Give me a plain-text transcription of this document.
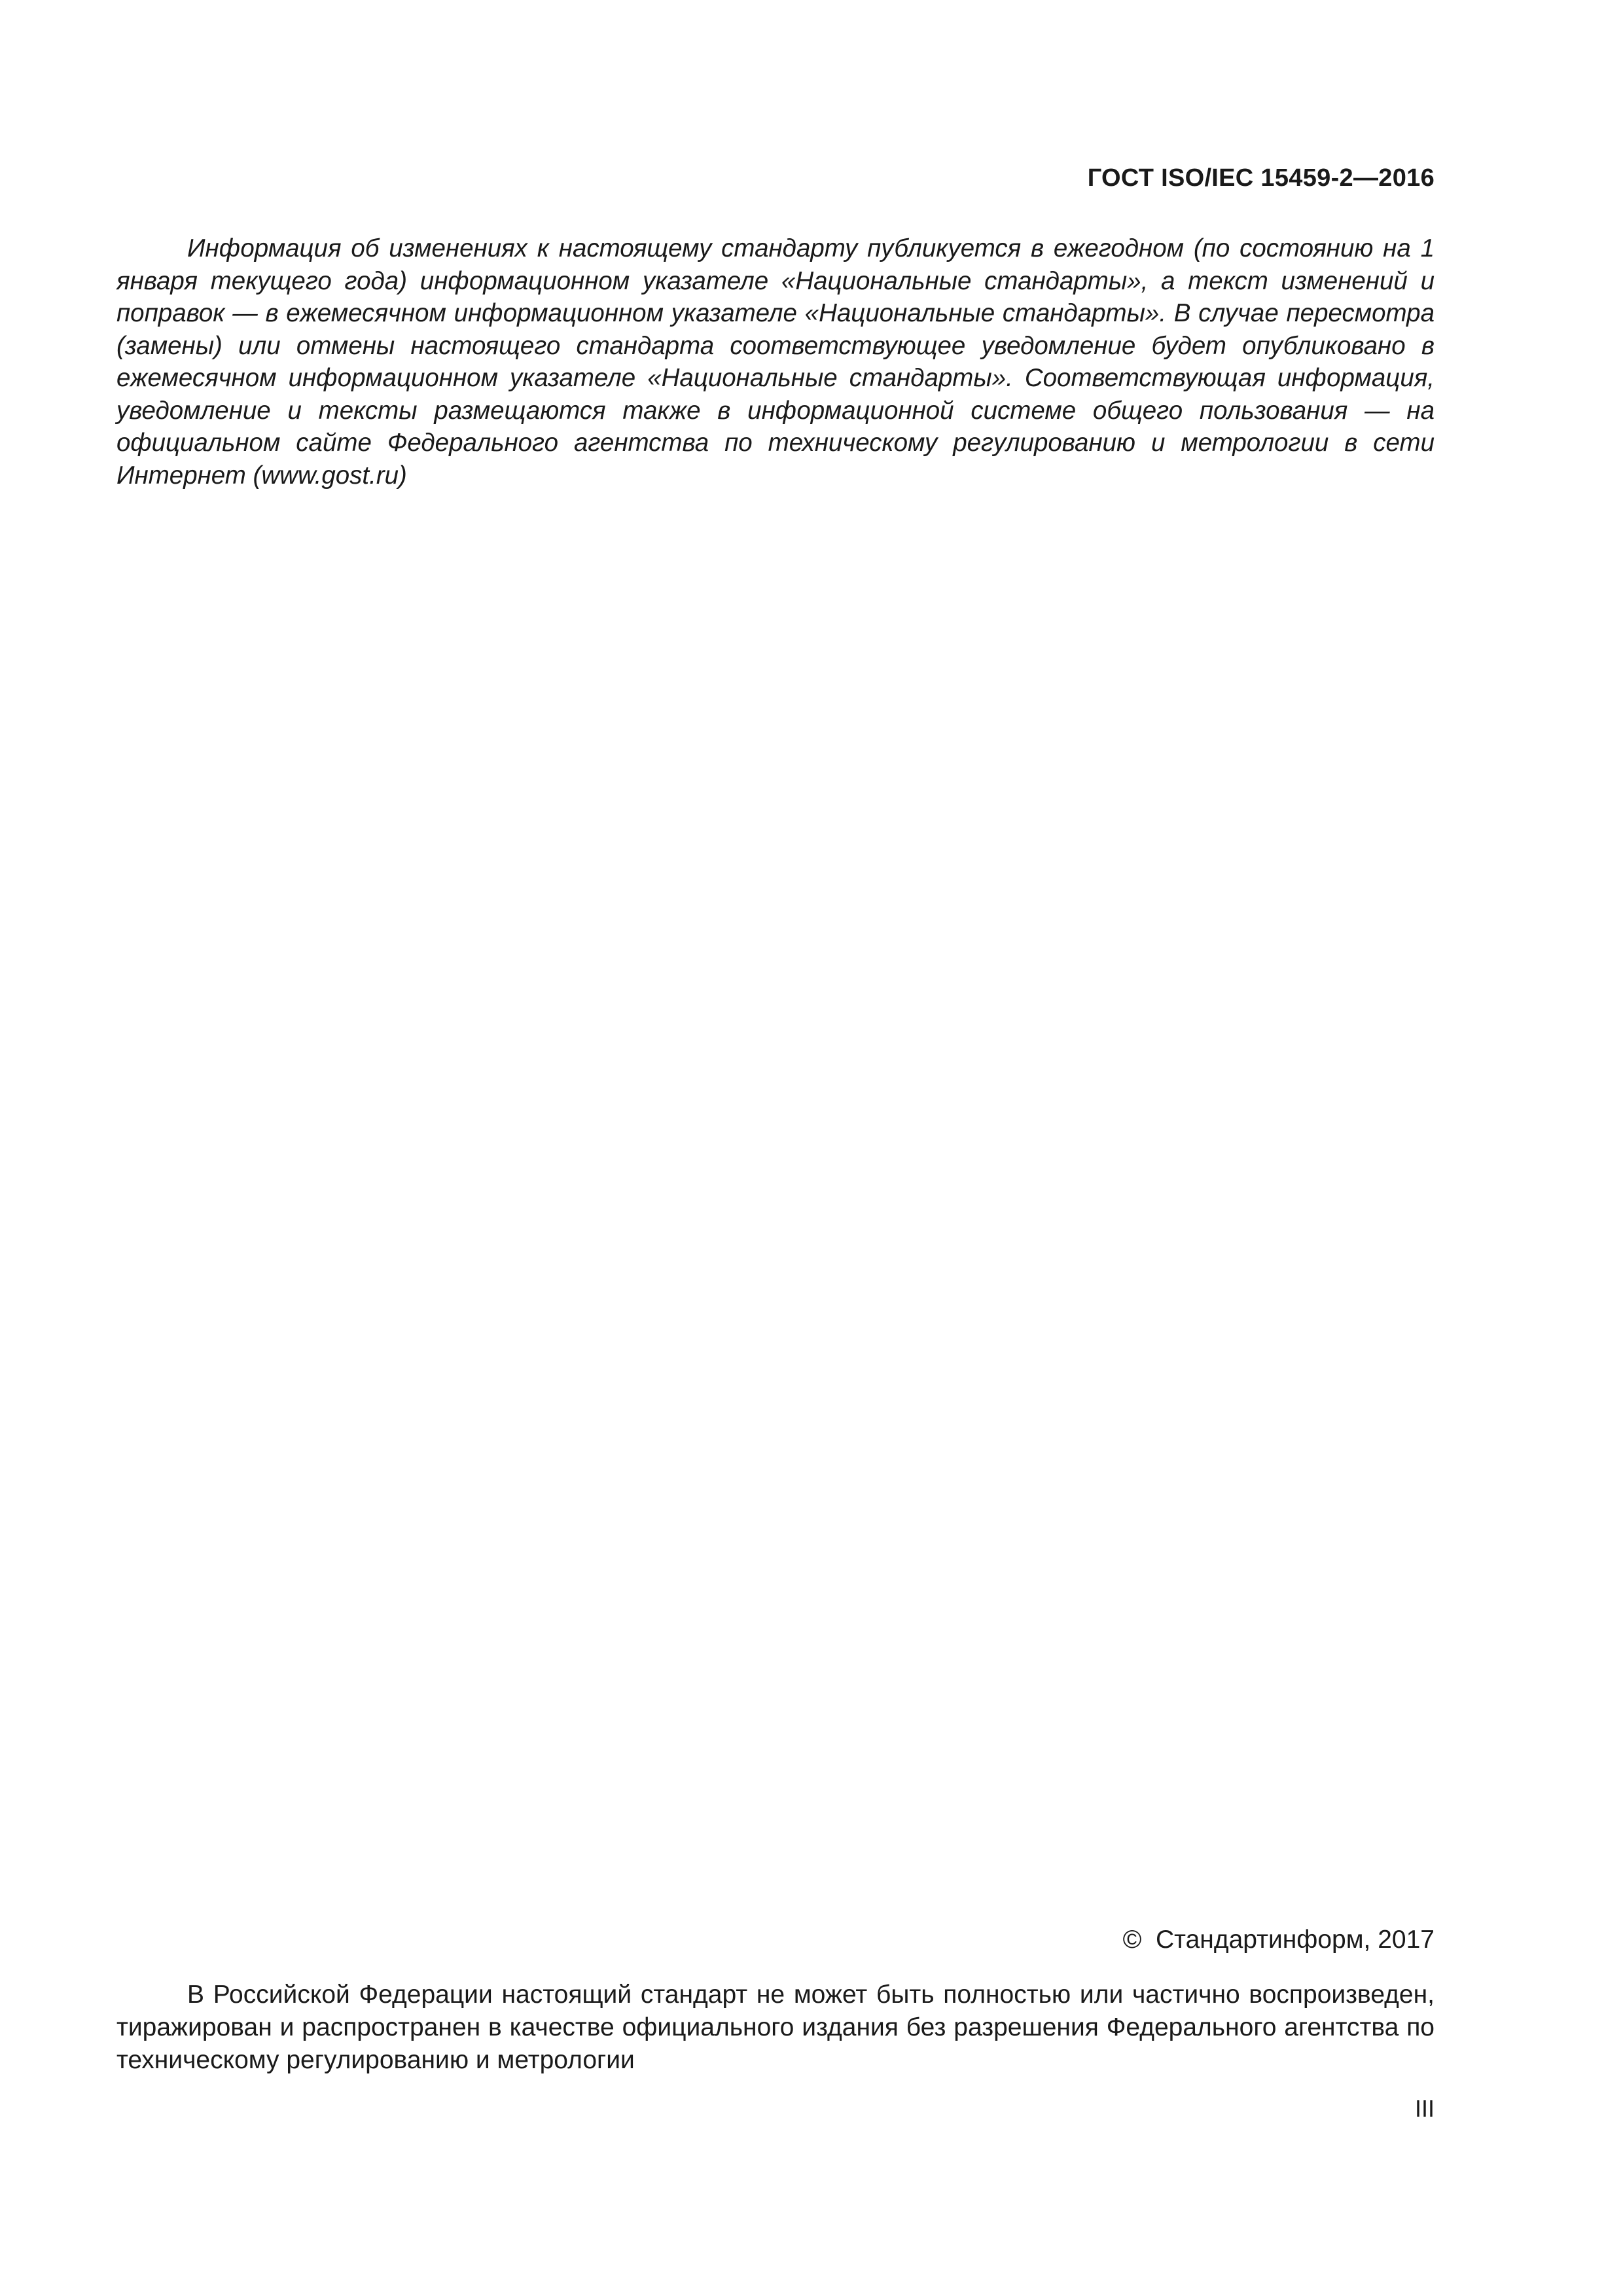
ГОСТ ISO/IEC 15459-2—2016

Информация об изменениях к настоящему стандарту публикуется в ежегодном (по состоянию на 1 января текущего года) информационном указателе «Национальные стандарты», а текст изменений и поправок — в ежемесячном информационном указателе «Национальные стандарты». В случае пересмотра (замены) или отмены настоящего стандарта соответствующее уведомление будет опубликовано в ежемесячном информационном указателе «Национальные стандарты». Соответствующая информация, уведомление и тексты размещаются также в информационной системе общего пользования — на официальном сайте Федерального агентства по техническому регулированию и метрологии в сети Интернет (www.gost.ru)

©  Стандартинформ, 2017

В Российской Федерации настоящий стандарт не может быть полностью или частично воспроизведен, тиражирован и распространен в качестве официального издания без разрешения Федерального агентства по техническому регулированию и метрологии

III
